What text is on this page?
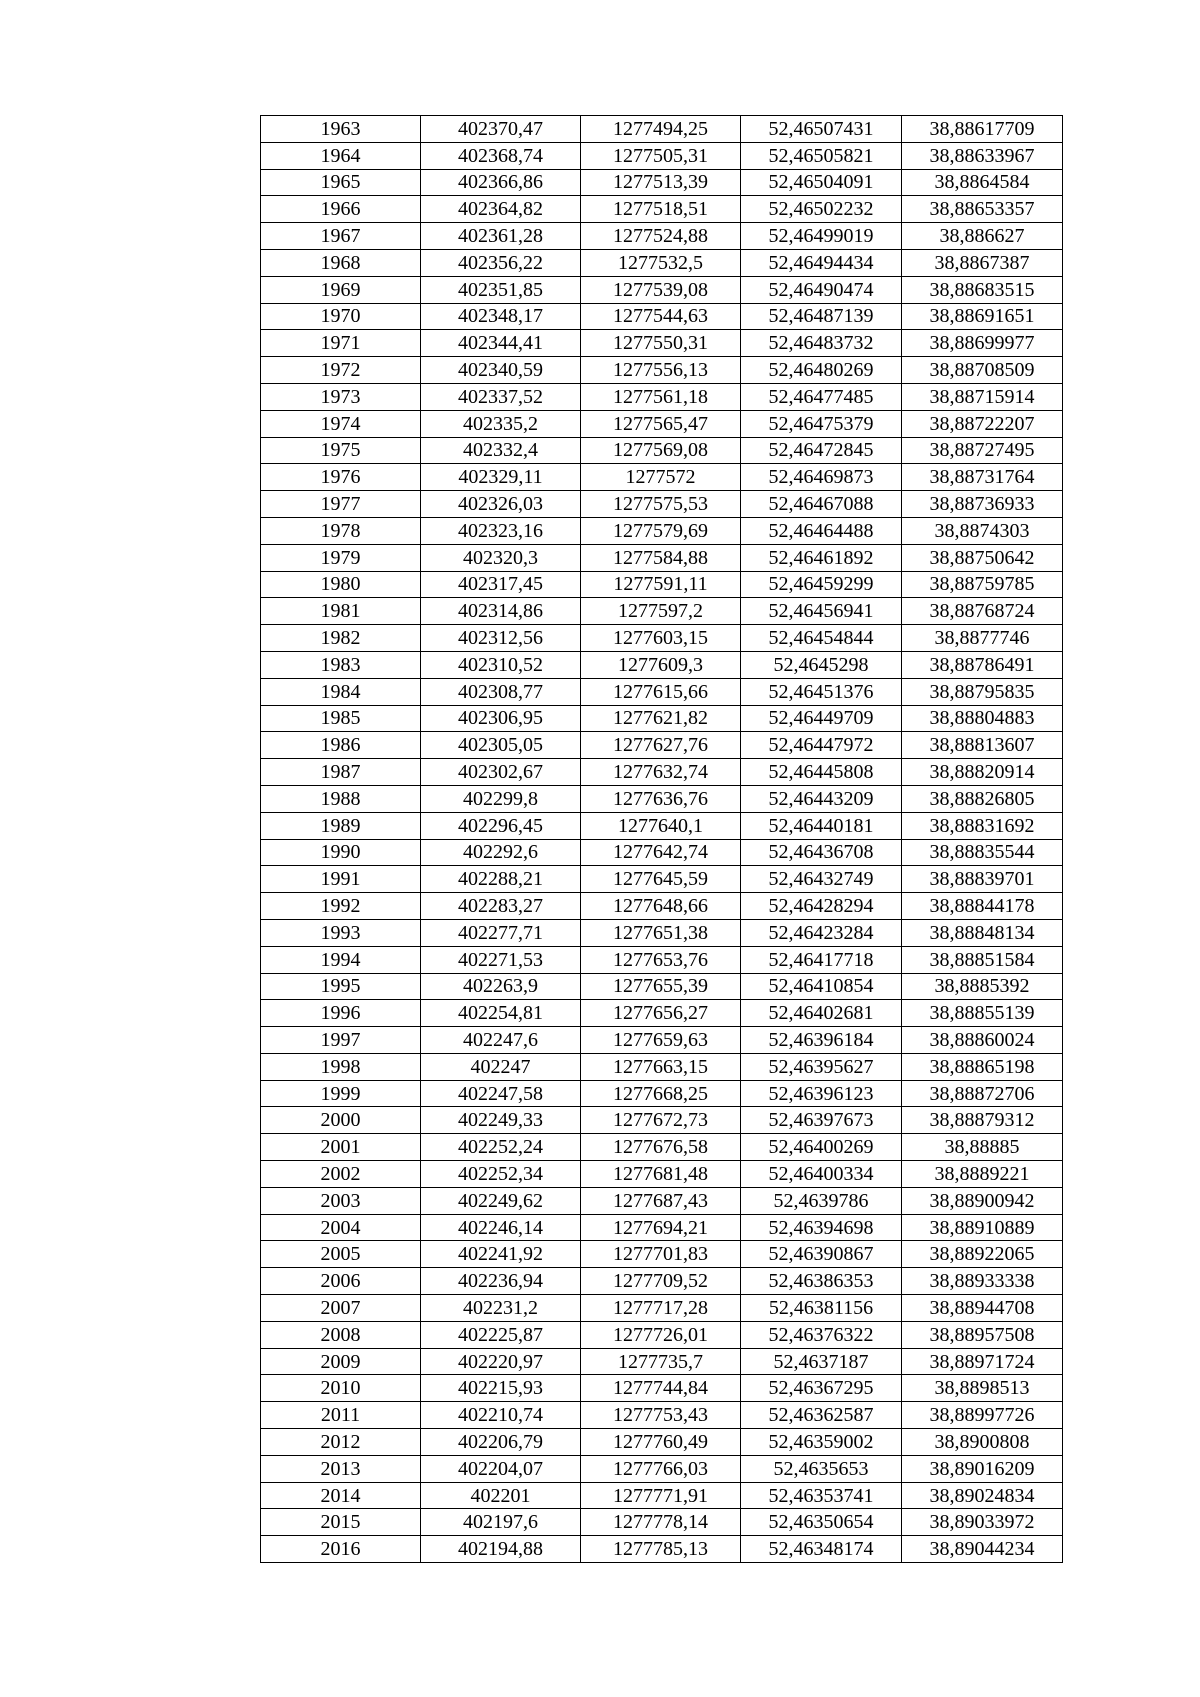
1963	402370,47	1277494,25	52,46507431	38,88617709
1964	402368,74	1277505,31	52,46505821	38,88633967
1965	402366,86	1277513,39	52,46504091	38,8864584
1966	402364,82	1277518,51	52,46502232	38,88653357
1967	402361,28	1277524,88	52,46499019	38,886627
1968	402356,22	1277532,5	52,46494434	38,8867387
1969	402351,85	1277539,08	52,46490474	38,88683515
1970	402348,17	1277544,63	52,46487139	38,88691651
1971	402344,41	1277550,31	52,46483732	38,88699977
1972	402340,59	1277556,13	52,46480269	38,88708509
1973	402337,52	1277561,18	52,46477485	38,88715914
1974	402335,2	1277565,47	52,46475379	38,88722207
1975	402332,4	1277569,08	52,46472845	38,88727495
1976	402329,11	1277572	52,46469873	38,88731764
1977	402326,03	1277575,53	52,46467088	38,88736933
1978	402323,16	1277579,69	52,46464488	38,8874303
1979	402320,3	1277584,88	52,46461892	38,88750642
1980	402317,45	1277591,11	52,46459299	38,88759785
1981	402314,86	1277597,2	52,46456941	38,88768724
1982	402312,56	1277603,15	52,46454844	38,8877746
1983	402310,52	1277609,3	52,4645298	38,88786491
1984	402308,77	1277615,66	52,46451376	38,88795835
1985	402306,95	1277621,82	52,46449709	38,88804883
1986	402305,05	1277627,76	52,46447972	38,88813607
1987	402302,67	1277632,74	52,46445808	38,88820914
1988	402299,8	1277636,76	52,46443209	38,88826805
1989	402296,45	1277640,1	52,46440181	38,88831692
1990	402292,6	1277642,74	52,46436708	38,88835544
1991	402288,21	1277645,59	52,46432749	38,88839701
1992	402283,27	1277648,66	52,46428294	38,88844178
1993	402277,71	1277651,38	52,46423284	38,88848134
1994	402271,53	1277653,76	52,46417718	38,88851584
1995	402263,9	1277655,39	52,46410854	38,8885392
1996	402254,81	1277656,27	52,46402681	38,88855139
1997	402247,6	1277659,63	52,46396184	38,88860024
1998	402247	1277663,15	52,46395627	38,88865198
1999	402247,58	1277668,25	52,46396123	38,88872706
2000	402249,33	1277672,73	52,46397673	38,88879312
2001	402252,24	1277676,58	52,46400269	38,88885
2002	402252,34	1277681,48	52,46400334	38,8889221
2003	402249,62	1277687,43	52,4639786	38,88900942
2004	402246,14	1277694,21	52,46394698	38,88910889
2005	402241,92	1277701,83	52,46390867	38,88922065
2006	402236,94	1277709,52	52,46386353	38,88933338
2007	402231,2	1277717,28	52,46381156	38,88944708
2008	402225,87	1277726,01	52,46376322	38,88957508
2009	402220,97	1277735,7	52,4637187	38,88971724
2010	402215,93	1277744,84	52,46367295	38,8898513
2011	402210,74	1277753,43	52,46362587	38,88997726
2012	402206,79	1277760,49	52,46359002	38,8900808
2013	402204,07	1277766,03	52,4635653	38,89016209
2014	402201	1277771,91	52,46353741	38,89024834
2015	402197,6	1277778,14	52,46350654	38,89033972
2016	402194,88	1277785,13	52,46348174	38,89044234
